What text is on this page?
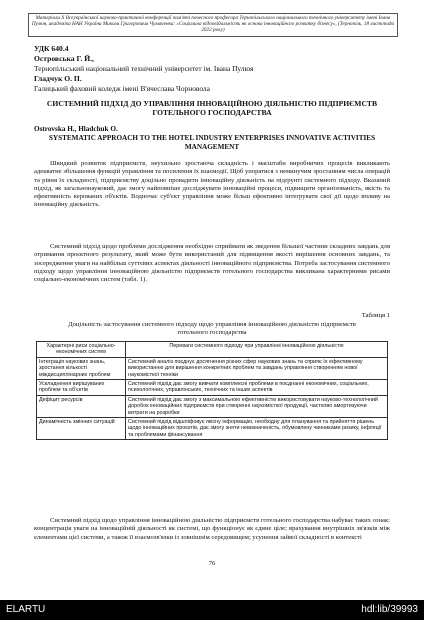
Матеріали X Всеукраїнської науково-практичної конференції пам'яті почесного професора Тернопільського національного технічного університету імені Івана Пулюя, академіка НАН України Миколи Григоровича Чумаченка: «Соціальна відповідальність як основа інноваційного розвитку бізнесу», (Тернопіль, 18 листопада 2022 року)
УДК 640.4
Островська Г. Й.,
Тернопільський національний технічний університет ім. Івана Пулюя
Гладчук О. П.
Галицький фаховий коледж імені В'ячеслава Чорновола
СИСТЕМНИЙ ПІДХІД ДО УПРАВЛІННЯ ІННОВАЦІЙНОЮ ДІЯЛЬНІСТЮ ПІДПРИЄМСТВ ГОТЕЛЬНОГО ГОСПОДАРСТВА
Ostrovska H., Hladchuk O.
SYSTEMATIC APPROACH TO THE HOTEL INDUSTRY ENTERPRISES INNOVATIVE ACTIVITIES MANAGEMENT
Швидкий розвиток підприємств, неухильно зростаюча складність і масштаби виробничих процесів викликають адекватне збільшення функцій управління та посилення їх взаємодії. Щоб упоратися з неминучим зростанням числа операцій та рівня їх складності, підприємству доцільно провадити інноваційну діяльність на підґрунті системного підходу. Вказаний підхід, як загальнонауковий, дає змогу найповніше досліджувати інноваційні процеси, підвищити організованість, якість та ефективність керованих об'єктів. Водночас суб'єкт управління може більш ефективно інтегрувати свої дії щодо впливу на інноваційну діяльність.
Системний підхід щодо проблеми дослідження необхідно сприймати як зведення більшої частини складних завдань для отримання проєктного результату, який може бути використаний для підвищення якості вирішення основних завдань, та зосередження уваги на найбільш суттєвих аспектах діяльності інноваційного підприємства. Потреба застосування системного підходу щодо управління інноваційною діяльністю підприємств готельного господарства викликана характерними рисами соціально-економічних систем (табл. 1).
Таблиця 1
Доцільність застосування системного підходу щодо управління інноваційною діяльністю підприємств готельного господарства
Характерні риси соціально-економічних систем	Переваги системного підходу при управлінні інноваційною діяльністю
Інтеграція наукових знань, зростання кількості міждисциплінарних проблем	Системний аналіз поєднує досягнення різних сфер наукових знань та сприяє їх ефективному використанню для вирішення конкретних проблем та завдань управління створенням нової наукомісткої техніки
Ускладнення вирішуваних проблем та об'єктів	Системний підхід дає змогу вивчати комплексні проблеми в поєднанні економічних, соціальних, психологічних, управлінських, технічних та інших аспектів
Дефіцит ресурсів	Системний підхід дає змогу з максимальною ефективністю використовувати науково-технологічний доробок інноваційних підприємств при створенні наукомісткої продукції, частково амортизуючи витрати на розробки
Динамічність змінних ситуацій	Системний підхід відшліфовує якісну інформацію, необхідну для планування та прийняття рішень щодо інноваційних проєктів, дає змогу зняти невизначеність, обумовлену чинниками ризику, інфляції та проблемами фінансування
Системний підхід щодо управління інноваційною діяльністю підприємств готельного господарства набуває таких ознак: концентрація уваги на інноваційній діяльності як системі, що функціонує як єдине ціле; врахування внутрішніх зв'язків між елементами цієї системи, а також її взаємозв'язки із зовнішнім середовищем; усунення зайвої складності в контексті
76
ELARTU	hdl:lib/39993
